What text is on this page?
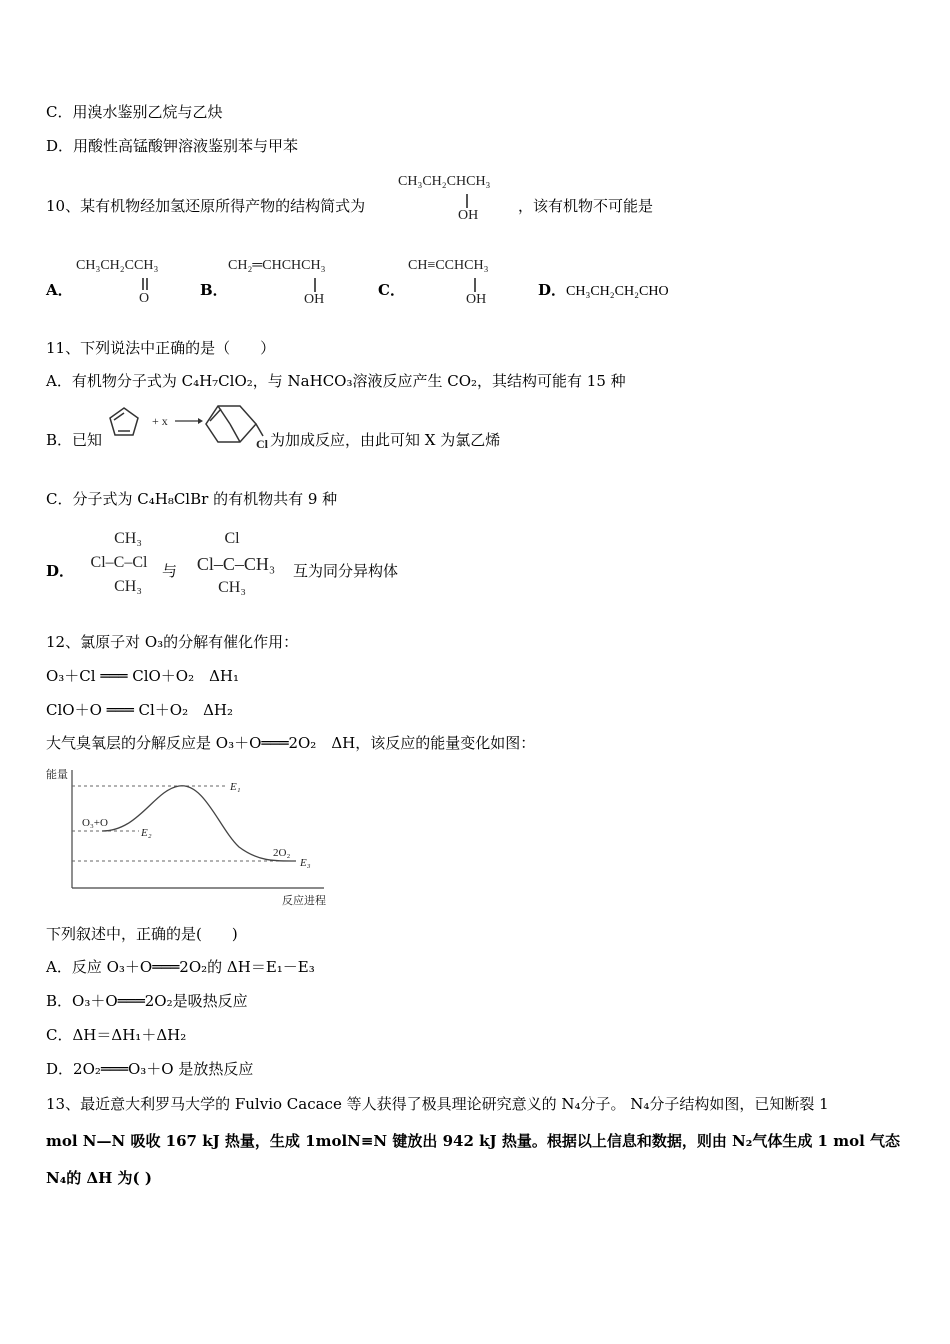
C．用溴水鉴别乙烷与乙炔
D．用酸性高锰酸钾溶液鉴别苯与甲苯
10、某有机物经加氢还原所得产物的结构简式为
CH₃CH₂CHCH₃
OH
，该有机物不可能是
A．
CH₃CH₂CCH₃
O	B．
CH₂═CHCHCH₃
OH
C．
CH≡CCHCH₃
OH
D．CH₃CH₂CH₂CHO
11、下列说法中正确的是（　　）
A．有机物分子式为 C₄H₇ClO₂，与 NaHCO₃溶液反应产生 CO₂，其结构可能有 15 种
B．已知
+ x
Cl 为加成反应，由此可知 X 为氯乙烯
C．分子式为 C₄H₈ClBr 的有机物共有 9 种
D．
CH₃
Cl–C–Cl
CH₃
与
Cl
Cl–C–CH₃
CH₃
互为同分异构体
12、氯原子对 O₃的分解有催化作用：
O₃＋Cl ═══ ClO＋O₂　ΔH₁
ClO＋O ═══ Cl＋O₂　ΔH₂
大气臭氧层的分解反应是 O₃＋O═══2O₂　ΔH，该反应的能量变化如图：
能量
E₁
O₃+O
E₂
2O₂
E₃
反应进程
下列叙述中，正确的是(　　)
A．反应 O₃＋O═══2O₂的 ΔH＝E₁－E₃
B．O₃＋O═══2O₂是吸热反应
C．ΔH＝ΔH₁＋ΔH₂
D．2O₂═══O₃＋O 是放热反应
13、最近意大利罗马大学的 Fulvio Cacace 等人获得了极具理论研究意义的 N₄分子。 N₄分子结构如图，已知断裂 1
mol N—N 吸收 167 kJ 热量，生成 1molN≡N 键放出 942 kJ 热量。根据以上信息和数据，则由 N₂气体生成 1 mol 气态
N₄的 ΔH 为( )
